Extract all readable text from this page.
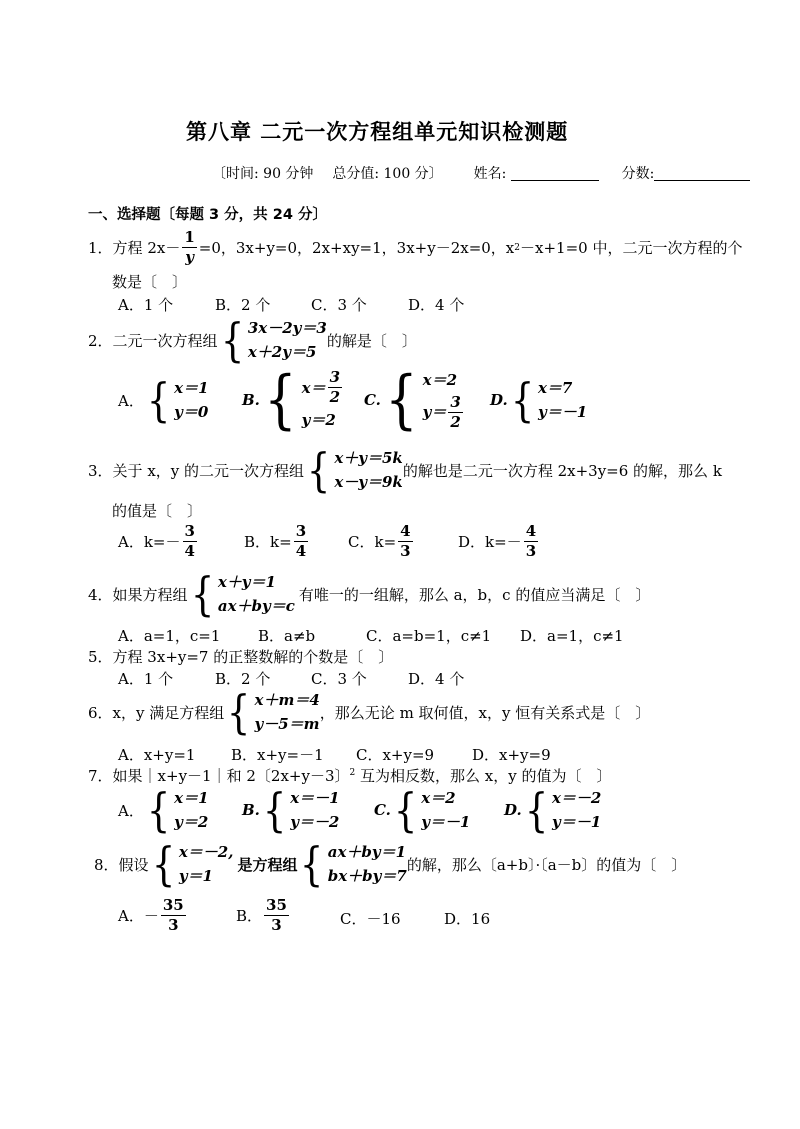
第八章 二元一次方程组单元知识检测题
〔时间: 90 分钟 总分值: 100 分〕 姓名:	分数:
一、选择题〔每题 3 分，共 24 分〕
1． 方程 $2x- \frac{1}{y} =0$，3x+y=0，2x+xy=1，3x+y－2x=0，x 2 －x+1=0 中，二元一次方程的个
数是〔　〕
A．1 个	B．2 个	C．3 个	D．4 个
2． 二元一次方程组 { 3x－2y＝3
x＋2y＝5
的解是〔　〕
A． { x＝1
y＝0
B. { $x= \frac{3}{2}$
y＝2
C. { x＝2
$y= \frac{3}{2} D$. { x＝7
y＝－1
3． 关于 x，y 的二元一次方程组 { x＋y＝5k
x－y＝9k
的解也是二元一次方程 2x+3y=6 的解，那么 k
的值是〔　〕
A．$k=- \frac{3}{4}$	B．$k= \frac{3}{4}$	C．$k= \frac{4}{3}$	D．$k=- \frac{4}{3}$
4． 如果方程组 { x＋y＝1
ax＋by＝c
有唯一的一组解，那么 a，b，c 的值应当满足〔　〕
A．a=1，c=1	B．a≠b	C．a=b=1，c≠1 D．a=1，c≠1
5．方程 3x+y=7 的正整数解的个数是〔　〕
A．1 个	B．2 个	C．3 个	D．4 个
6． x，y 满足方程组 { x＋m＝4
y－5＝m
，那么无论 m 取何值，x，y 恒有关系式是〔　〕
A．x+y=1 B．x+y=－1 C．x+y=9	D．x+y=9
7．如果｜x+y－1｜和 2〔2x+y－3〕$^2$ 互为相反数，那么 x，y 的值为〔　〕
A． { x＝1
y＝2
B. { x＝－1
y＝－2
C. { x＝2
y＝－1
D. { x＝－2
y＝－1
8． 假设 { x＝－2,
y＝1
是方程组 { ax＋by＝1
bx＋by＝7
的解，那么〔a+b〕·〔a－b〕的值为〔　〕
A．－ $\frac{35}{3}$	B． $\frac{35}{3}$	C．－16	D．16
